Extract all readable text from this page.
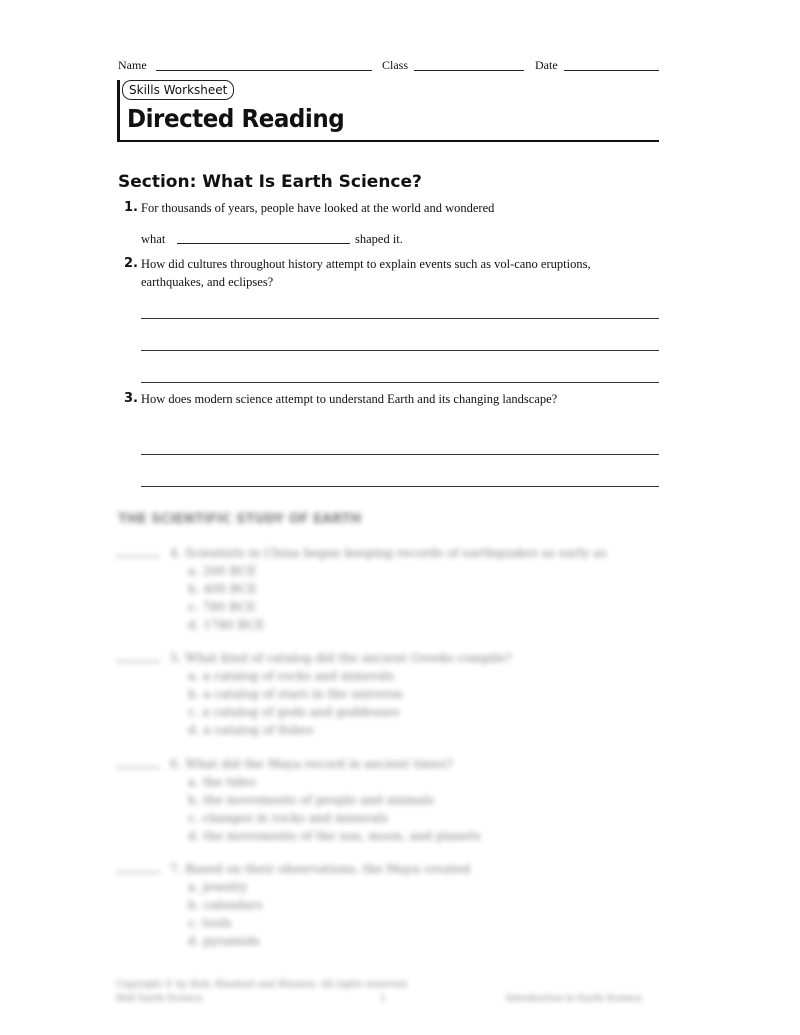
Name	Class	Date
Skills Worksheet
Directed Reading
Section: What Is Earth Science?
1. For thousands of years, people have looked at the world and wondered
what	shaped it.
2. How did cultures throughout history attempt to explain events such as vol-cano eruptions, earthquakes, and eclipses?
3. How does modern science attempt to understand Earth and its changing landscape?
THE SCIENTIFIC STUDY OF EARTH
4. Scientists in China began keeping records of earthquakes as early as
a. 200 BCE
b. 400 BCE
c. 780 BCE
d. 1780 BCE
5. What kind of catalog did the ancient Greeks compile?
a. a catalog of rocks and minerals
b. a catalog of stars in the universe
c. a catalog of gods and goddesses
d. a catalog of fishes
6. What did the Maya record in ancient times?
a. the tides
b. the movements of people and animals
c. changes in rocks and minerals
d. the movements of the sun, moon, and planets
7. Based on their observations, the Maya created
a. jewelry
b. calendars
c. tools
d. pyramids
Copyright © by Holt, Rinehart and Winston. All rights reserved.
Holt Earth Science	1	Introduction to Earth Science
